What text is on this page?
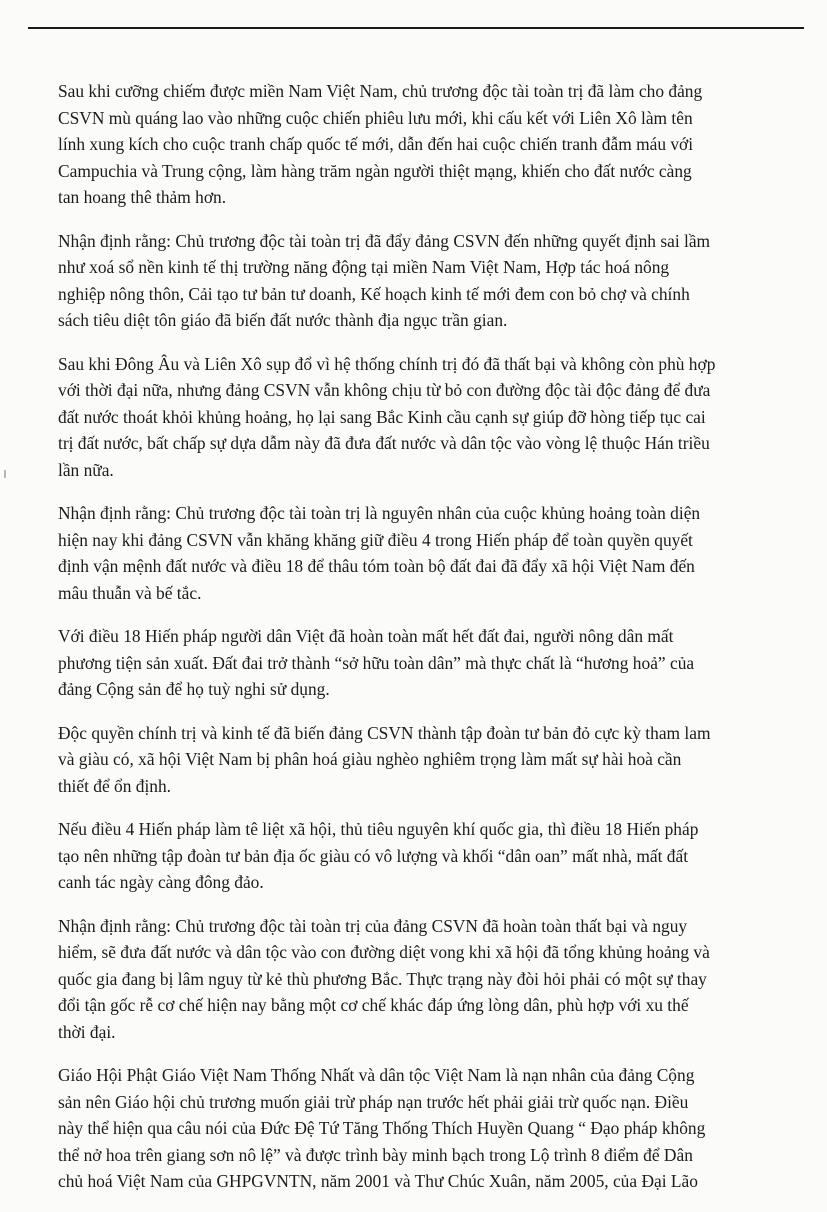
Sau khi cưỡng chiếm được miền Nam Việt Nam, chủ trương độc tài toàn trị đã làm cho đảng
CSVN mù quáng lao vào những cuộc chiến phiêu lưu mới, khi cấu kết với Liên Xô làm tên
lính xung kích cho cuộc tranh chấp quốc tế mới, dẫn đến hai cuộc chiến tranh đẫm máu với
Campuchia và Trung cộng, làm hàng trăm ngàn người thiệt mạng, khiến cho đất nước càng
tan hoang thê thảm hơn.

Nhận định rằng: Chủ trương độc tài toàn trị đã đẩy đảng CSVN đến những quyết định sai lầm
như xoá sổ nền kinh tế thị trường năng động tại miền Nam Việt Nam, Hợp tác hoá nông
nghiệp nông thôn, Cải tạo tư bản tư doanh, Kế hoạch kinh tế mới đem con bỏ chợ và chính
sách tiêu diệt tôn giáo đã biến đất nước thành địa ngục trần gian.

Sau khi Đông Âu và Liên Xô sụp đổ vì hệ thống chính trị đó đã thất bại và không còn phù hợp
với thời đại nữa, nhưng đảng CSVN vẫn không chịu từ bỏ con đường độc tài độc đảng để đưa
đất nước thoát khỏi khủng hoảng, họ lại sang Bắc Kinh cầu cạnh sự giúp đỡ hòng tiếp tục cai
trị đất nước, bất chấp sự dựa dẫm này đã đưa đất nước và dân tộc vào vòng lệ thuộc Hán triều
lần nữa.

Nhận định rằng: Chủ trương độc tài toàn trị là nguyên nhân của cuộc khủng hoảng toàn diện
hiện nay khi đảng CSVN vẫn khăng khăng giữ điều 4 trong Hiến pháp để toàn quyền quyết
định vận mệnh đất nước và điều 18 để thâu tóm toàn bộ đất đai đã đẩy xã hội Việt Nam đến
mâu thuẫn và bế tắc.

Với điều 18 Hiến pháp người dân Việt đã hoàn toàn mất hết đất đai, người nông dân mất
phương tiện sản xuất. Đất đai trở thành “sở hữu toàn dân” mà thực chất là “hương hoả” của
đảng Cộng sản để họ tuỳ nghi sử dụng.

Độc quyền chính trị và kinh tế đã biến đảng CSVN thành tập đoàn tư bản đỏ cực kỳ tham lam
và giàu có, xã hội Việt Nam bị phân hoá giàu nghèo nghiêm trọng làm mất sự hài hoà cần
thiết để ổn định.

Nếu điều 4 Hiến pháp làm tê liệt xã hội, thủ tiêu nguyên khí quốc gia, thì điều 18 Hiến pháp
tạo nên những tập đoàn tư bản địa ốc giàu có vô lượng và khối “dân oan” mất nhà, mất đất
canh tác ngày càng đông đảo.

Nhận định rằng: Chủ trương độc tài toàn trị của đảng CSVN đã hoàn toàn thất bại và nguy
hiểm, sẽ đưa đất nước và dân tộc vào con đường diệt vong khi xã hội đã tổng khủng hoảng và
quốc gia đang bị lâm nguy từ kẻ thù phương Bắc. Thực trạng này đòi hỏi phải có một sự thay
đổi tận gốc rễ cơ chế hiện nay bằng một cơ chế khác đáp ứng lòng dân, phù hợp với xu thế
thời đại.

Giáo Hội Phật Giáo Việt Nam Thống Nhất và dân tộc Việt Nam là nạn nhân của đảng Cộng
sản nên Giáo hội chủ trương muốn giải trừ pháp nạn trước hết phải giải trừ quốc nạn. Điều
này thể hiện qua câu nói của Đức Đệ Tứ Tăng Thống Thích Huyền Quang “ Đạo pháp không
thể nở hoa trên giang sơn nô lệ” và được trình bày minh bạch trong Lộ trình 8 điểm để Dân
chủ hoá Việt Nam của GHPGVNTN, năm 2001 và Thư Chúc Xuân, năm 2005, của Đại Lão
